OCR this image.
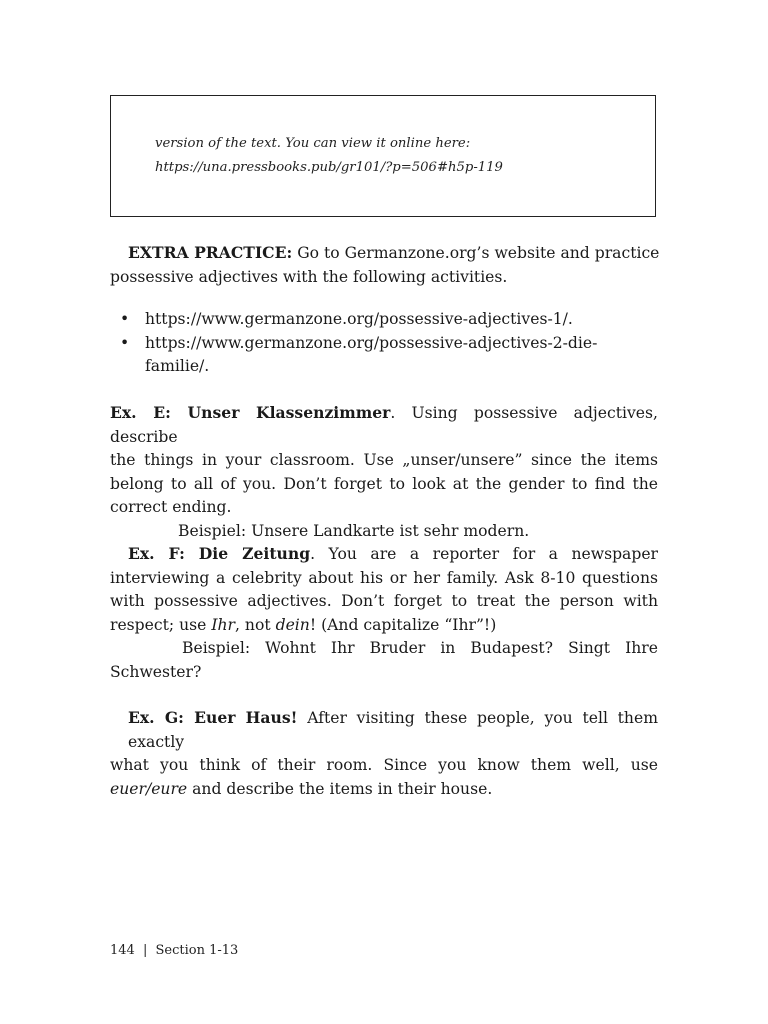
version of the text. You can view it online here:
https://una.pressbooks.pub/gr101/?p=506#h5p-119
EXTRA PRACTICE: Go to Germanzone.org’s website and practice
possessive adjectives with the following activities.
• https://www.germanzone.org/possessive-adjectives-1/.
• https://www.germanzone.org/possessive-adjectives-2-die-
familie/.
Ex. E: Unser Klassenzimmer. Using possessive adjectives, describe
the things in your classroom. Use „unser/unsere” since the items
belong to all of you. Don’t forget to look at the gender to find the
correct ending.
Beispiel: Unsere Landkarte ist sehr modern.
Ex. F: Die Zeitung. You are a reporter for a newspaper
interviewing a celebrity about his or her family. Ask 8-10 questions
with possessive adjectives. Don’t forget to treat the person with
respect; use Ihr, not dein! (And capitalize “Ihr”!)
Beispiel: Wohnt Ihr Bruder in Budapest? Singt Ihre
Schwester?
Ex. G: Euer Haus! After visiting these people, you tell them exactly
what you think of their room. Since you know them well, use
euer/eure and describe the items in their house.
144 | Section 1-13
